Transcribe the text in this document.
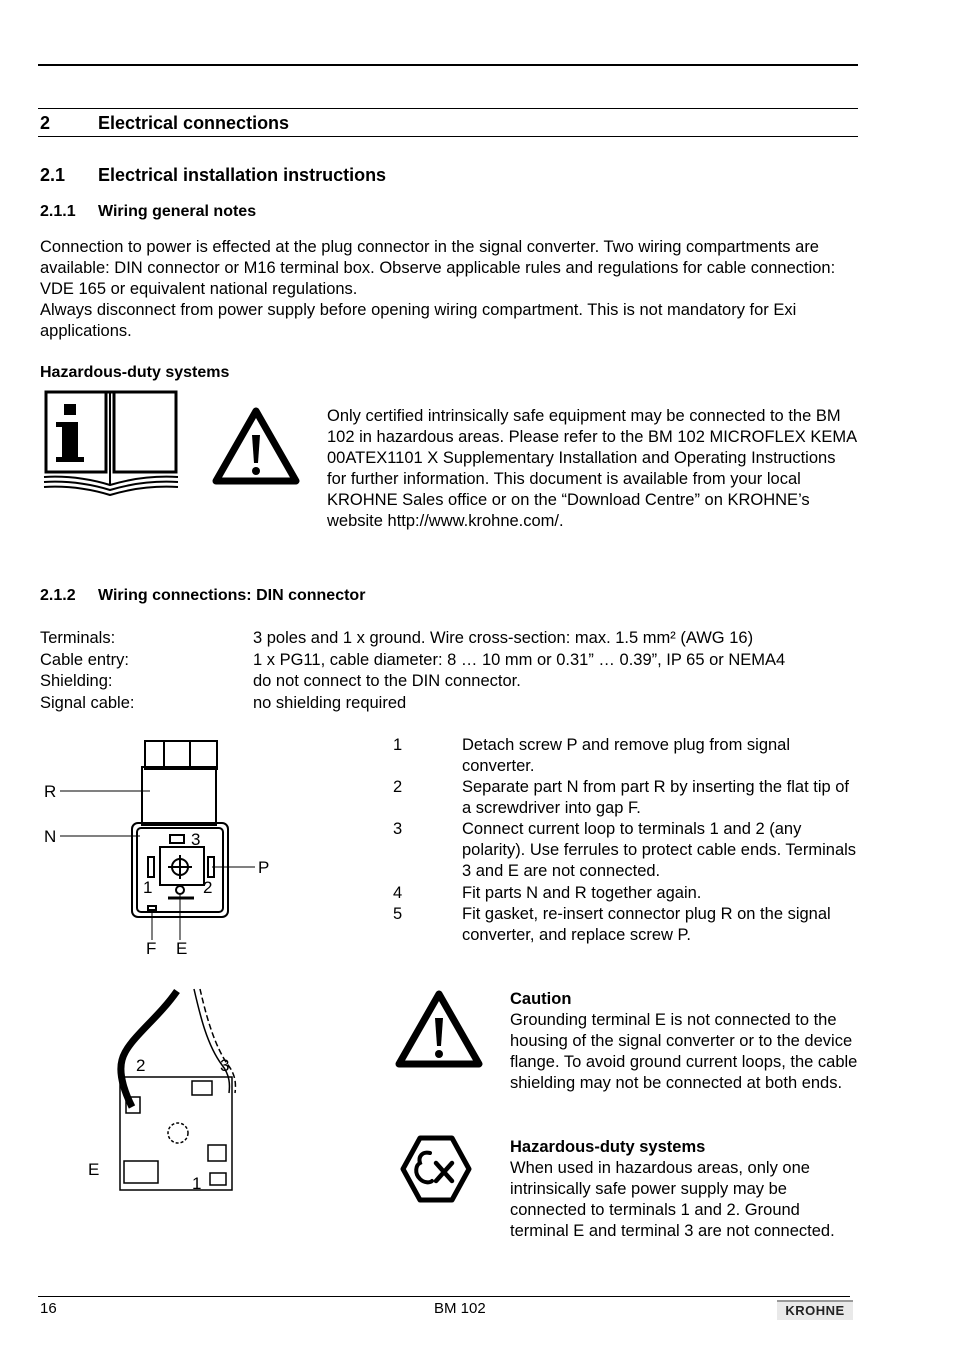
2	Electrical connections
2.1 Electrical installation instructions
2.1.1 Wiring general notes
Connection to power is effected at the plug connector in the signal converter. Two wiring compartments are available: DIN connector or M16 terminal box. Observe applicable rules and regulations for cable connection: VDE 165 or equivalent national regulations.
Always disconnect from power supply before opening wiring compartment. This is not mandatory for Exi applications.
Hazardous-duty systems
Only certified intrinsically safe equipment may be connected to the BM 102 in hazardous areas. Please refer to the BM 102 MICROFLEX KEMA 00ATEX1101 X Supplementary Installation and Operating Instructions for further information. This document is available from your local KROHNE Sales office or on the “Download Centre” on KROHNE’s website http://www.krohne.com/.
2.1.2 Wiring connections: DIN connector
Terminals:	3 poles and 1 x ground. Wire cross-section: max. 1.5 mm² (AWG 16)
Cable entry:	1 x PG11, cable diameter: 8 … 10 mm or 0.31” … 0.39”, IP 65 or NEMA4
Shielding:	do not connect to the DIN connector.
Signal cable:	no shielding required
R
N
P
F E
1	2
3
1	Detach screw P and remove plug from signal converter.
2	Separate part N from part R by inserting the flat tip of a screwdriver into gap F.
3	Connect current loop to terminals 1 and 2 (any polarity). Use ferrules to protect cable ends. Terminals 3 and E are not connected.
4	Fit parts N and R together again.
5	Fit gasket, re-insert connector plug R on the signal converter, and replace screw P.
2	3
1
E
Caution
Grounding terminal E is not connected to the housing of the signal converter or to the device flange. To avoid ground current loops, the cable shielding may not be connected at both ends.
Hazardous-duty systems
When used in hazardous areas, only one intrinsically safe power supply may be connected to terminals 1 and 2. Ground terminal E and terminal 3 are not connected.
16	BM 102	KROHNE
